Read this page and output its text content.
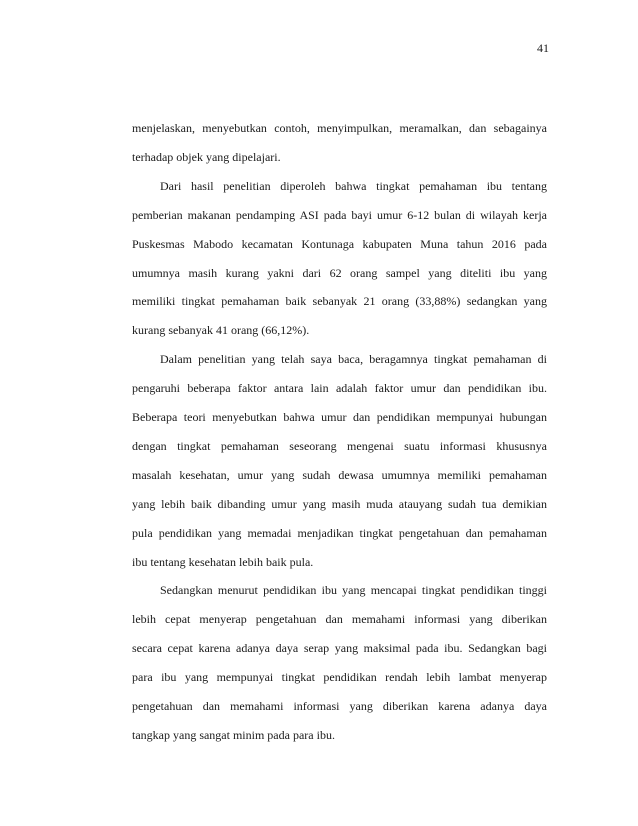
41
menjelaskan, menyebutkan contoh, menyimpulkan, meramalkan, dan sebagainya
terhadap objek yang dipelajari.
Dari hasil penelitian diperoleh bahwa tingkat pemahaman ibu tentang
pemberian makanan pendamping ASI pada bayi umur 6-12 bulan di wilayah kerja
Puskesmas Mabodo kecamatan Kontunaga kabupaten Muna tahun 2016 pada
umumnya masih kurang yakni dari 62 orang sampel yang diteliti ibu yang
memiliki tingkat pemahaman baik sebanyak 21 orang (33,88%) sedangkan yang
kurang sebanyak 41 orang (66,12%).
Dalam penelitian yang telah saya baca, beragamnya tingkat pemahaman di
pengaruhi beberapa faktor antara lain adalah faktor umur dan pendidikan ibu.
Beberapa teori menyebutkan bahwa umur dan pendidikan mempunyai hubungan
dengan tingkat pemahaman seseorang mengenai suatu informasi khususnya
masalah kesehatan, umur yang sudah dewasa umumnya memiliki pemahaman
yang lebih baik dibanding umur yang masih muda atauyang sudah tua demikian
pula pendidikan yang memadai menjadikan tingkat pengetahuan dan pemahaman
ibu tentang kesehatan lebih baik pula.
Sedangkan menurut pendidikan ibu yang mencapai tingkat pendidikan tinggi
lebih cepat menyerap pengetahuan dan memahami informasi yang diberikan
secara cepat karena adanya daya serap yang maksimal pada ibu. Sedangkan bagi
para ibu yang mempunyai tingkat pendidikan rendah lebih lambat menyerap
pengetahuan dan memahami informasi yang diberikan karena adanya daya
tangkap yang sangat minim pada para ibu.
